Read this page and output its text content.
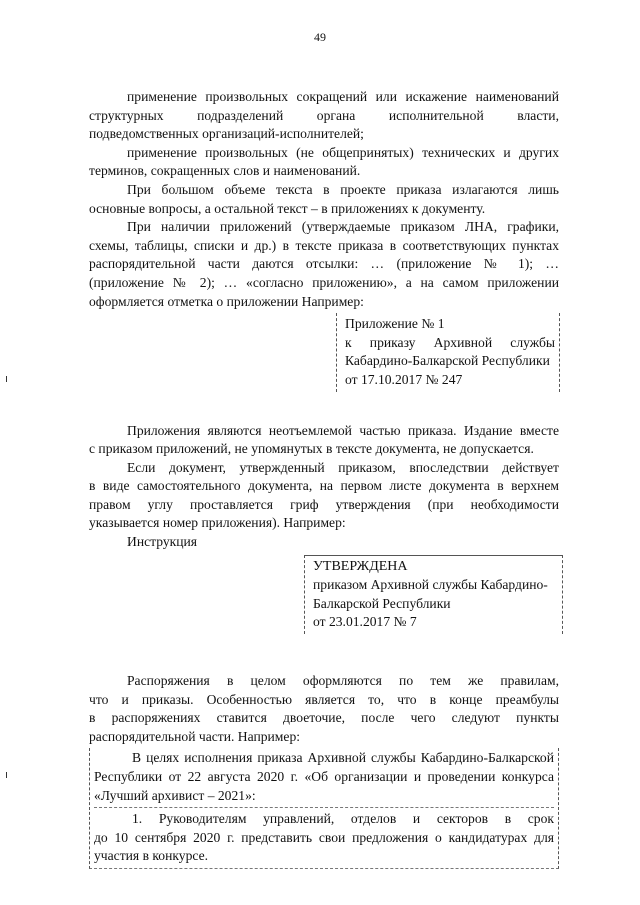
49

применение произвольных сокращений или искажение наименований

структурных подразделений органа исполнительной власти,

подведомственных организаций-исполнителей;

применение произвольных (не общепринятых) технических и других

терминов, сокращенных слов и наименований.

При большом объеме текста в проекте приказа излагаются лишь

основные вопросы, а остальной текст – в приложениях к документу.

При наличии приложений (утверждаемые приказом ЛНА, графики,

схемы, таблицы, списки и др.) в тексте приказа в соответствующих пунктах

распорядительной части даются отсылки: … (приложение № 1); …

(приложение № 2); … «согласно приложению», а на самом приложении

оформляется отметка о приложении Например:

Приложение № 1

к приказу Архивной службы

Кабардино-Балкарской Республики

от 17.10.2017 № 247

Приложения являются неотъемлемой частью приказа. Издание вместе

с приказом приложений, не упомянутых в тексте документа, не допускается.

Если документ, утвержденный приказом, впоследствии действует

в виде самостоятельного документа, на первом листе документа в верхнем

правом углу проставляется гриф утверждения (при необходимости

указывается номер приложения). Например:

Инструкция

УТВЕРЖДЕНА

приказом Архивной службы Кабардино-

Балкарской Республики

от 23.01.2017 № 7

Распоряжения в целом оформляются по тем же правилам,

что и приказы. Особенностью является то, что в конце преамбулы

в распоряжениях ставится двоеточие, после чего следуют пункты

распорядительной части. Например:

В целях исполнения приказа Архивной службы Кабардино-Балкарской

Республики от 22 августа 2020 г. «Об организации и проведении конкурса

«Лучший архивист – 2021»:

1. Руководителям управлений, отделов и секторов в срок

до 10 сентября 2020 г. представить свои предложения о кандидатурах для

участия в конкурсе.
